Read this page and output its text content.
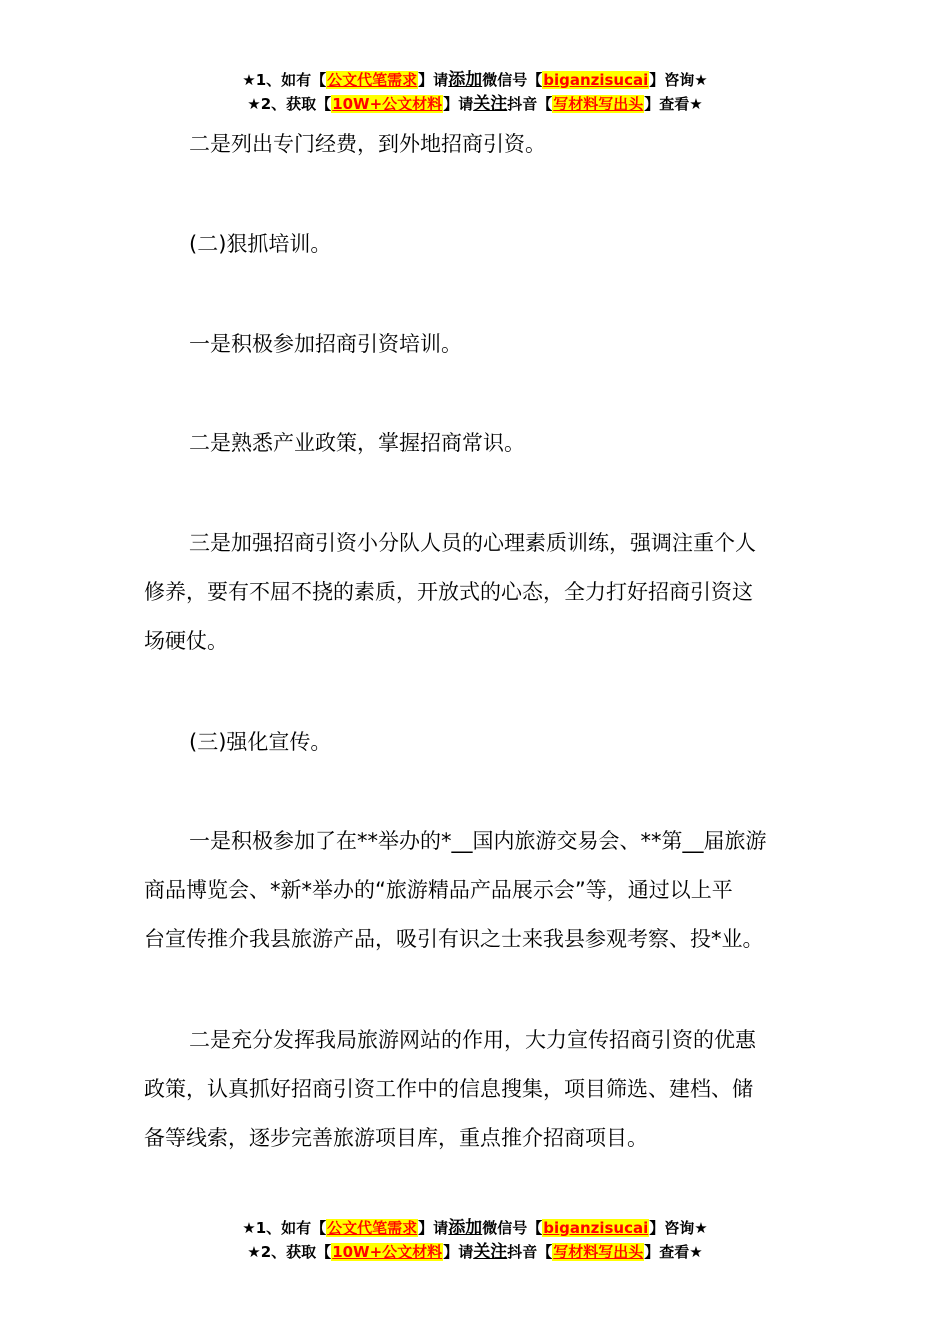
★1、如有【公文代笔需求】请添加微信号【biganzisucai】咨询★
★2、获取【10W+公文材料】请关注抖音【写材料写出头】查看★

二是列出专门经费，到外地招商引资。

(二)狠抓培训。

一是积极参加招商引资培训。

二是熟悉产业政策，掌握招商常识。

三是加强招商引资小分队人员的心理素质训练，强调注重个人
修养，要有不屈不挠的素质，开放式的心态，全力打好招商引资这
场硬仗。

(三)强化宣传。

一是积极参加了在**举办的*__国内旅游交易会、**第__届旅游
商品博览会、*新*举办的“旅游精品产品展示会”等，通过以上平
台宣传推介我县旅游产品，吸引有识之士来我县参观考察、投*业。

二是充分发挥我局旅游网站的作用，大力宣传招商引资的优惠
政策，认真抓好招商引资工作中的信息搜集，项目筛选、建档、储
备等线索，逐步完善旅游项目库，重点推介招商项目。

★1、如有【公文代笔需求】请添加微信号【biganzisucai】咨询★
★2、获取【10W+公文材料】请关注抖音【写材料写出头】查看★
